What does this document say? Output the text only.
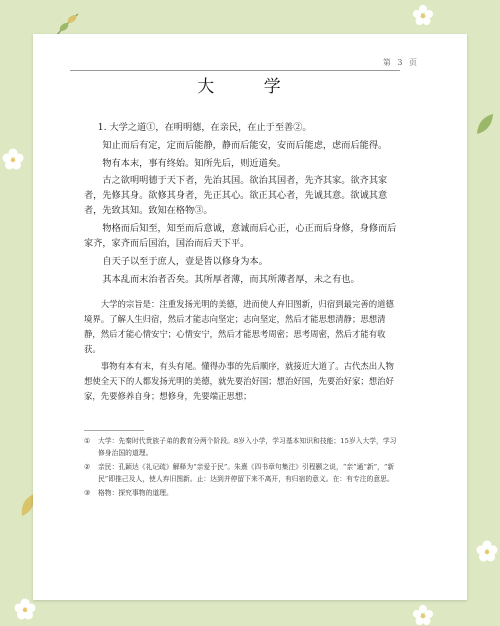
第 3 页
大 学

1. 大学之道①，在明明德，在亲民，在止于至善②。

知止而后有定，定而后能静，静而后能安，安而后能虑，虑而后能得。

物有本末，事有终始。知所先后，则近道矣。

古之欲明明德于天下者，先治其国。欲治其国者，先齐其家。欲齐其家者，先修其身。欲修其身者，先正其心。欲正其心者，先诚其意。欲诚其意者，先致其知。致知在格物③。

物格而后知至，知至而后意诚，意诚而后心正，心正而后身修，身修而后家齐，家齐而后国治，国治而后天下平。

自天子以至于庶人，壹是皆以修身为本。

其本乱而末治者否矣。其所厚者薄，而其所薄者厚，未之有也。

大学的宗旨是：注重发扬光明的美德，进而使人弃旧图新，归宿到最完善的道德境界。了解人生归宿，然后才能志向坚定；志向坚定，然后才能思想清静；思想清静，然后才能心情安宁；心情安宁，然后才能思考周密；思考周密，然后才能有收获。

事物有本有末，有头有尾。懂得办事的先后顺序，就接近大道了。古代杰出人物想使全天下的人都发扬光明的美德，就先要治好国；想治好国，先要治好家；想治好家，先要修养自身；想修身，先要端正思想；

①	大学：先秦时代贵族子弟的教育分两个阶段。8岁入小学，学习基本知识和技能；15岁入大学，学习修身治国的道理。
②	亲民：孔颖达《礼记疏》解释为“亲爱于民”。朱熹《四书章句集注》引程颢之说，“亲”通“新”，“新民”即推己及人，使人弃旧图新。止：达到并停留下来不离开，有归宿的意义。在：有专注的意思。
③	格物：探究事物的道理。
